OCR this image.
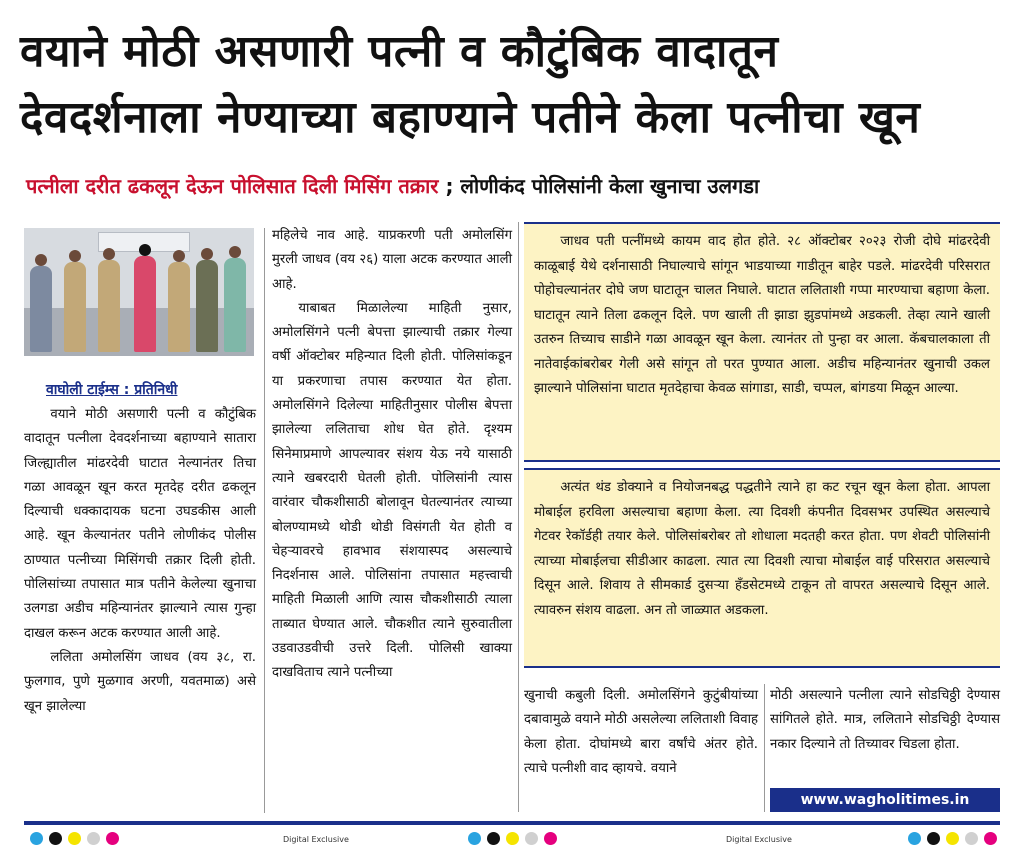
वयाने मोठी असणारी पत्नी व कौटुंबिक वादातून
देवदर्शनाला नेण्याच्या बहाण्याने पतीने केला पत्नीचा खून
पत्नीला दरीत ढकलून देऊन पोलिसात दिली मिसिंग तक्रार ; लोणीकंद पोलिसांनी केला खुनाचा उलगडा
वाघोली टाईम्स : प्रतिनिधी

वयाने मोठी असणारी पत्नी व कौटुंबिक वादातून पत्नीला देवदर्शनाच्या बहाण्याने सातारा जिल्ह्यातील मांढरदेवी घाटात नेल्यानंतर तिचा गळा आवळून खून करत मृतदेह दरीत ढकलून दिल्याची धक्कादायक घटना उघडकीस आली आहे. खून केल्यानंतर पतीने लोणीकंद पोलीस ठाण्यात पत्नीच्या मिसिंगची तक्रार दिली होती. पोलिसांच्या तपासात मात्र पतीने केलेल्या खुनाचा उलगडा अडीच महिन्यानंतर झाल्याने त्यास गुन्हा दाखल करून अटक करण्यात आली आहे.

ललिता अमोलसिंग जाधव (वय ३८, रा. फुलगाव, पुणे मुळगाव अरणी, यवतमाळ) असे खून झालेल्या

महिलेचे नाव आहे. याप्रकरणी पती अमोलसिंग मुरली जाधव (वय २६) याला अटक करण्यात आली आहे.

याबाबत मिळालेल्या माहिती नुसार, अमोलसिंगने पत्नी बेपत्ता झाल्याची तक्रार गेल्या वर्षी ऑक्टोबर महिन्यात दिली होती. पोलिसांकडून या प्रकरणाचा तपास करण्यात येत होता. अमोलसिंगने दिलेल्या माहितीनुसार पोलीस बेपत्ता झालेल्या ललिताचा शोध घेत होते. दृश्यम सिनेमाप्रमाणे आपल्यावर संशय येऊ नये यासाठी त्याने खबरदारी घेतली होती. पोलिसांनी त्यास वारंवार चौकशीसाठी बोलावून घेतल्यानंतर त्याच्या बोलण्यामध्ये थोडी थोडी विसंगती येत होती व चेहऱ्यावरचे हावभाव संशयास्पद असल्याचे निदर्शनास आले. पोलिसांना तपासात महत्त्वाची माहिती मिळाली आणि त्यास चौकशीसाठी त्याला ताब्यात घेण्यात आले. चौकशीत त्याने सुरुवातीला उडवाउडवीची उत्तरे दिली. पोलिसी खाक्या दाखविताच त्याने पत्नीच्या

जाधव पती पत्नींमध्ये कायम वाद होत होते. २८ ऑक्टोबर २०२३ रोजी दोघे मांढरदेवी काळूबाई येथे दर्शनासाठी निघाल्याचे सांगून भाडयाच्या गाडीतून बाहेर पडले. मांढरदेवी परिसरात पोहोचल्यानंतर दोघे जण घाटातून चालत निघाले. घाटात ललिताशी गप्पा मारण्याचा बहाणा केला. घाटातून त्याने तिला ढकलून दिले. पण खाली ती झाडा झुडपांमध्ये अडकली. तेव्हा त्याने खाली उतरुन तिच्याच साडीने गळा आवळून खून केला. त्यानंतर तो पुन्हा वर आला. कॅबचालकाला ती नातेवाईकांबरोबर गेली असे सांगून तो परत पुण्यात आला. अडीच महिन्यानंतर खुनाची उकल झाल्याने पोलिसांना घाटात मृतदेहाचा केवळ सांगाडा, साडी, चप्पल, बांगडया मिळून आल्या.
अत्यंत थंड डोक्याने व नियोजनबद्ध पद्धतीने त्याने हा कट रचून खून केला होता. आपला मोबाईल हरविला असल्याचा बहाणा केला. त्या दिवशी कंपनीत दिवसभर उपस्थित असल्याचे गेटवर रेकॉर्डही तयार केले. पोलिसांबरोबर तो शोधाला मदतही करत होता. पण शेवटी पोलिसांनी त्याच्या मोबाईलचा सीडीआर काढला. त्यात त्या दिवशी त्याचा मोबाईल वाई परिसरात असल्याचे दिसून आले. शिवाय ते सीमकार्ड दुसऱ्या हँडसेटमध्ये टाकून तो वापरत असल्याचे दिसून आले. त्यावरुन संशय वाढला. अन तो जाळ्यात अडकला.

खुनाची कबुली दिली. अमोलसिंगने कुटुंबीयांच्या दबावामुळे वयाने मोठी असलेल्या ललिताशी विवाह केला होता. दोघांमध्ये बारा वर्षांचे अंतर होते. त्याचे पत्नीशी वाद व्हायचे. वयाने

मोठी असल्याने पत्नीला त्याने सोडचिठ्ठी देण्यास सांगितले होते. मात्र, ललिताने सोडचिठ्ठी देण्यास नकार दिल्याने तो तिच्यावर चिडला होता.

www.wagholitimes.in
Digital Exclusive	Digital Exclusive
